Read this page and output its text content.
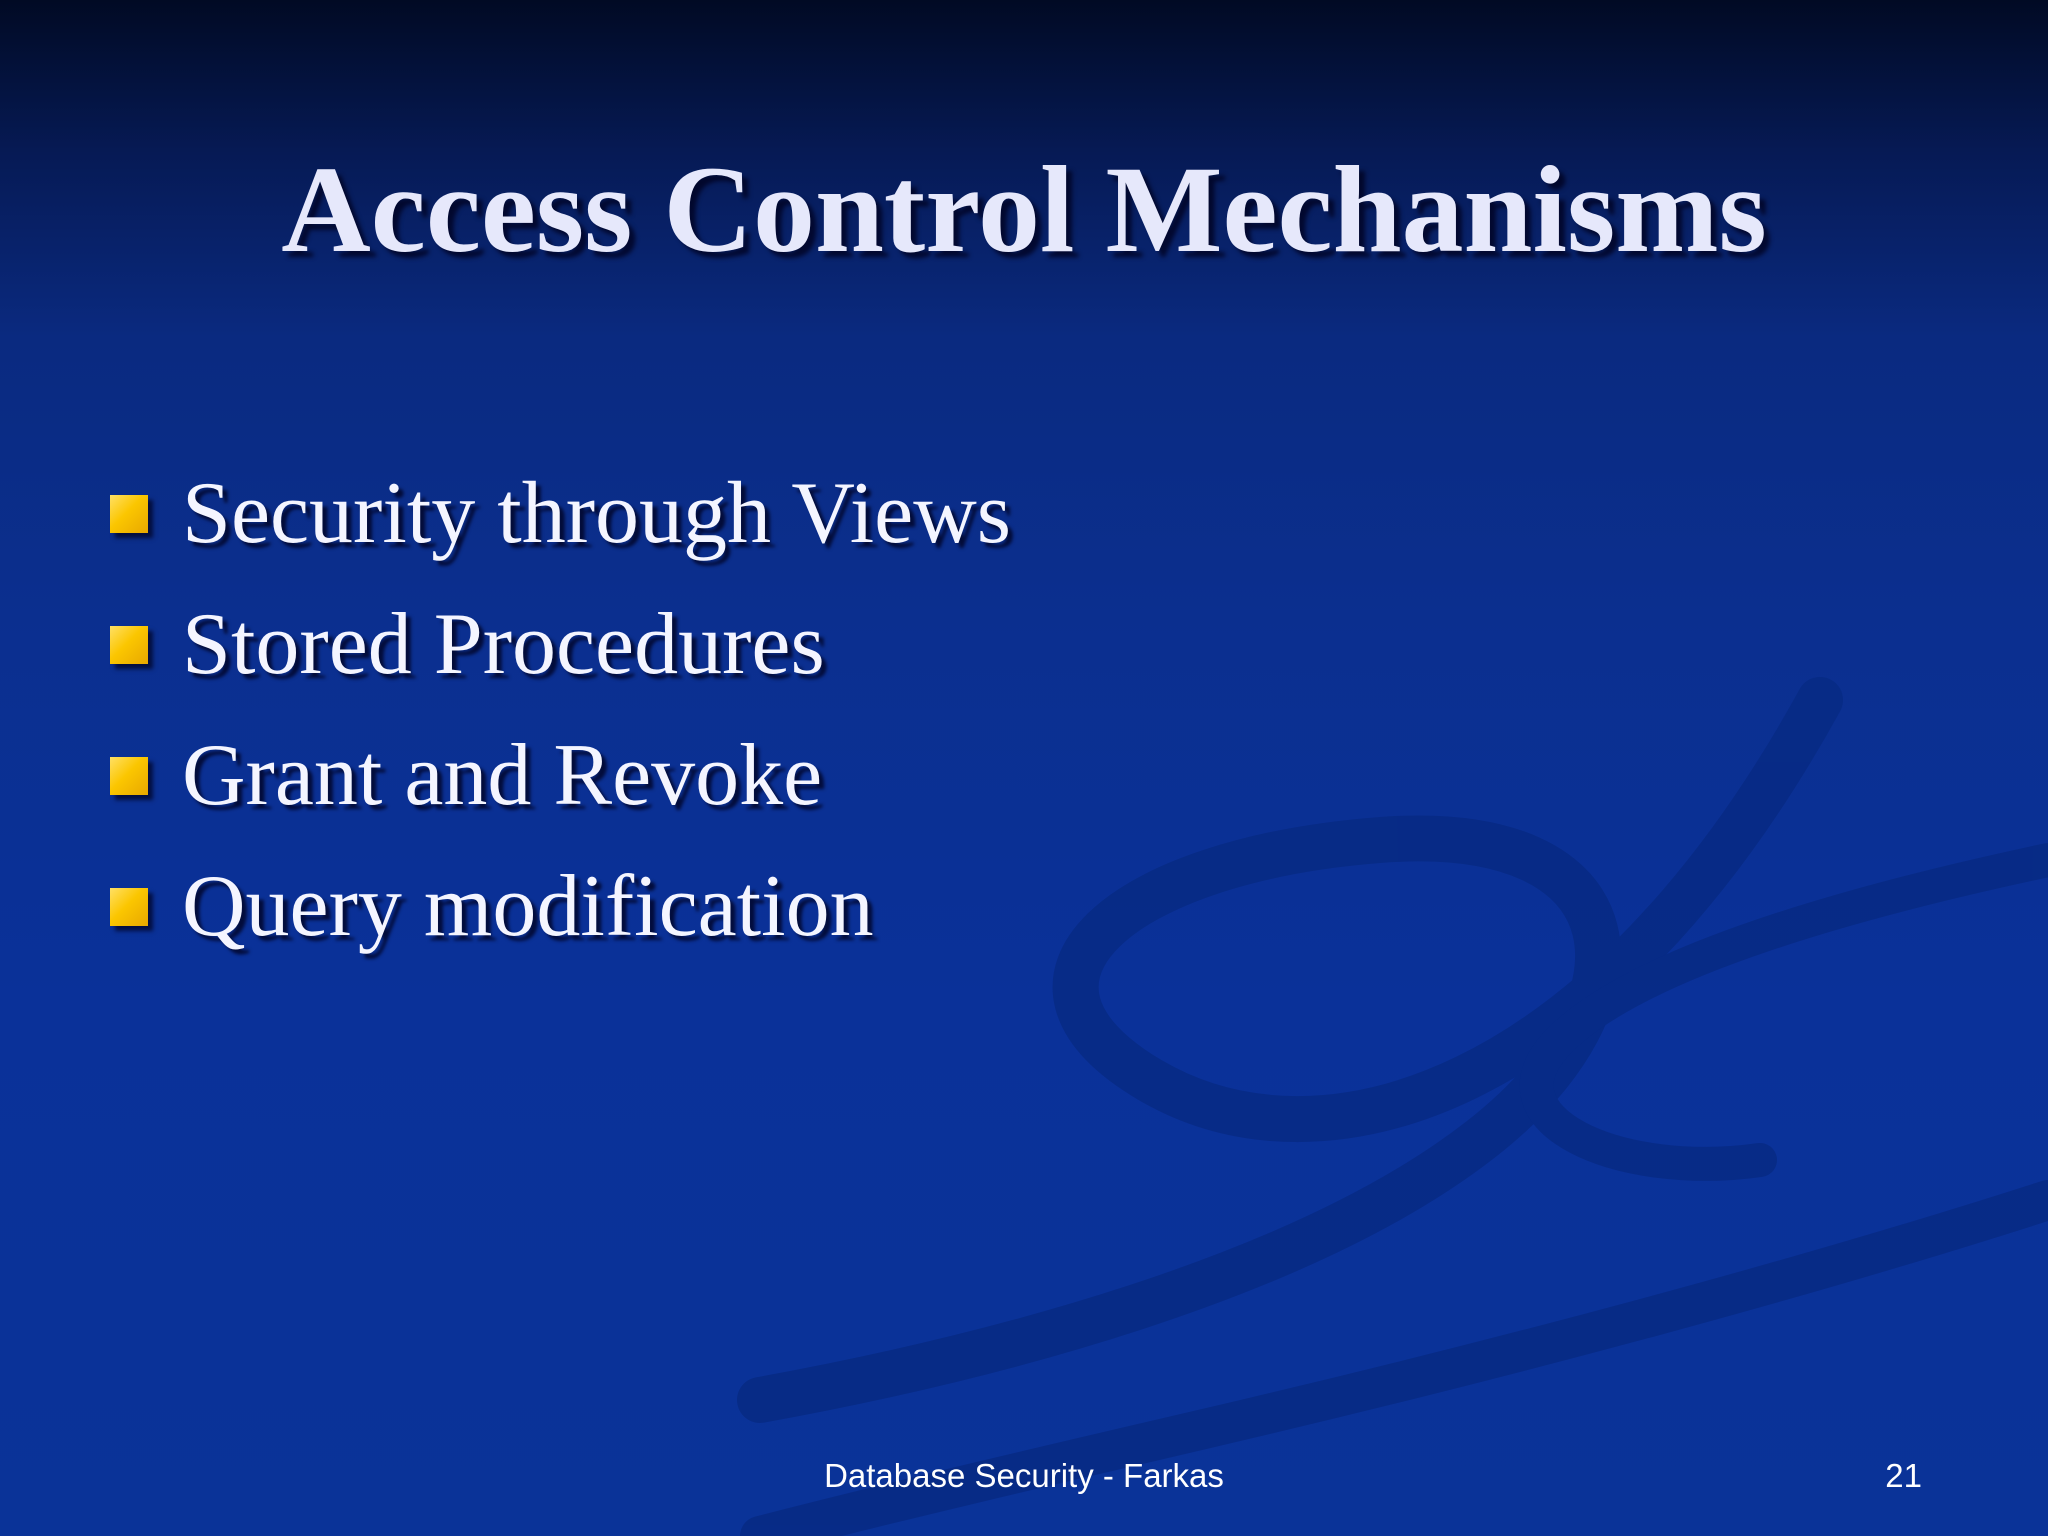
Access Control Mechanisms
Security through Views
Stored Procedures
Grant and Revoke
Query modification
Database Security - Farkas	21
